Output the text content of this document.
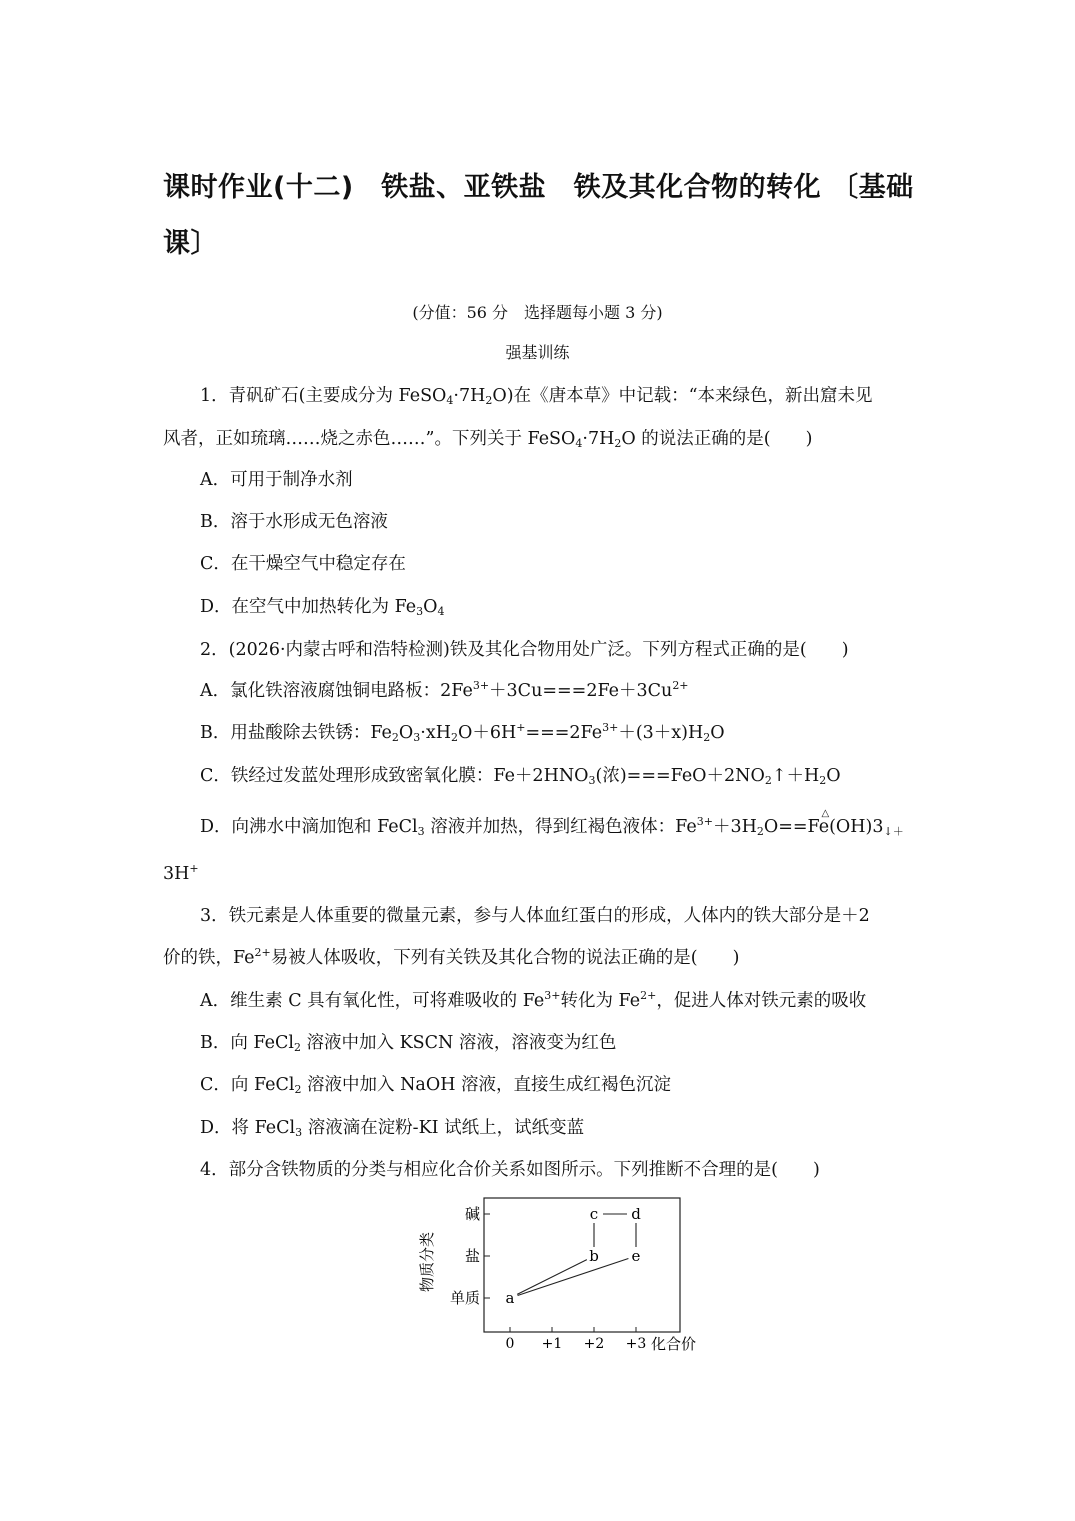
课时作业(十二)　铁盐、亚铁盐　铁及其化合物的转化 〔基础课〕
(分值：56 分　选择题每小题 3 分)
强基训练
1．青矾矿石(主要成分为 $FeSO_4\cdot 7H_2O$)在《唐本草》中记载：“本来绿色，新出窟未见
风者，正如琉璃……烧之赤色……”。下列关于 $FeSO_4\cdot 7H_2O$ 的说法正确的是(　　)
A．可用于制净水剂
B．溶于水形成无色溶液
C．在干燥空气中稳定存在
D．在空气中加热转化为 $Fe_3O_4$
2．(2026·内蒙古呼和浩特检测)铁及其化合物用处广泛。下列方程式正确的是(　　)
A．氯化铁溶液腐蚀铜电路板：$2Fe^{3+}+3Cu===2Fe+3Cu^{2+}$
B．用盐酸除去铁锈：$Fe_2O_3\cdot xH_2O+6H^+===2Fe^{3+}+(3+x)H_2O$
C．铁经过发蓝处理形成致密氧化膜：$Fe+2HNO_3$(浓)$===FeO+2NO_2↑+H_2O$
D．向沸水中滴加饱和 FeCl$_3$ 溶液并加热，得到红褐色液体：$Fe^{3+}+3H_2O$
△
$==Fe(OH)3_{↓+}$
3H+
3．铁元素是人体重要的微量元素，参与人体血红蛋白的形成，人体内的铁大部分是＋2
价的铁，$Fe^{2+}$易被人体吸收，下列有关铁及其化合物的说法正确的是(　　)
A．维生素 C 具有氧化性，可将难吸收的 $Fe^{3+}$转化为 $Fe^{2+}$，促进人体对铁元素的吸收
B．向 FeCl$_2$ 溶液中加入 KSCN 溶液，溶液变为红色
C．向 FeCl$_2$ 溶液中加入 NaOH 溶液，直接生成红褐色沉淀
D．将 FeCl$_3$ 溶液滴在淀粉-KI 试纸上，试纸变蓝
4．部分含铁物质的分类与相应化合价关系如图所示。下列推断不合理的是(　　)
单质
盐
碱
0 +1 +2 +3
a
b
c d
e
物质分类
化合价
